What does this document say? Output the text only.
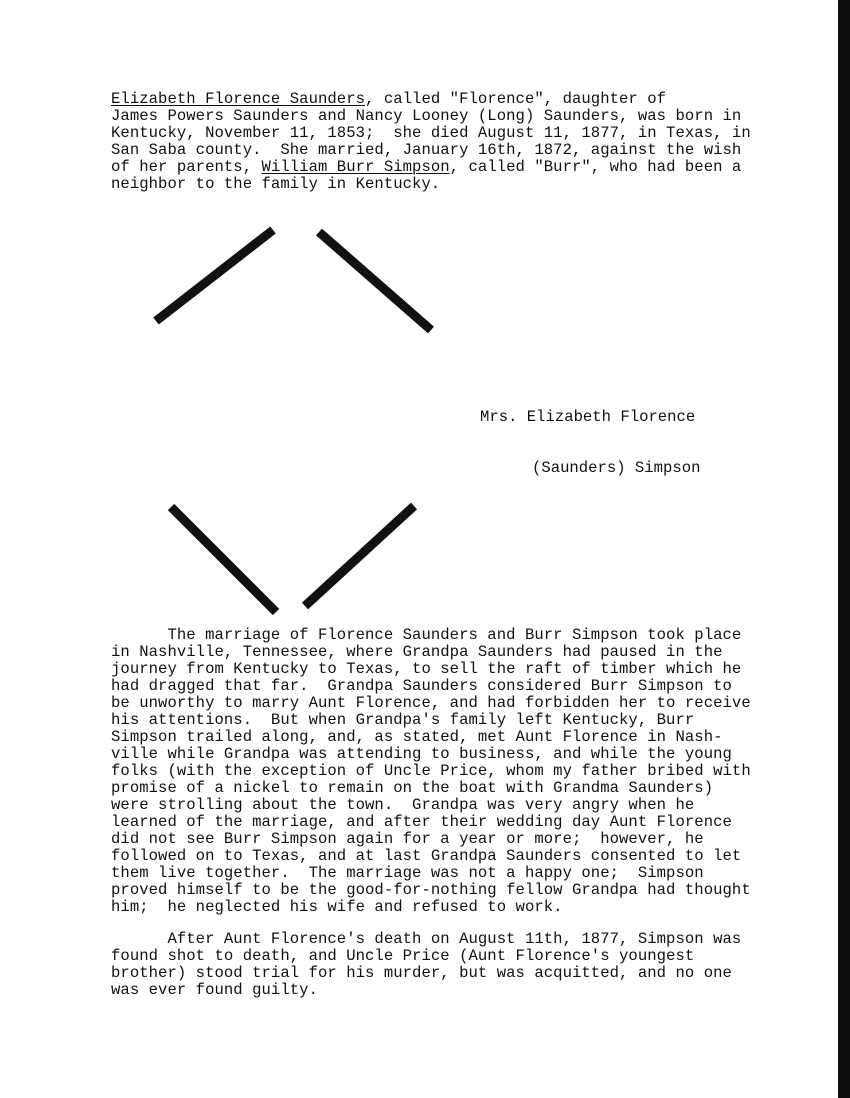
Elizabeth Florence Saunders, called "Florence", daughter of
James Powers Saunders and Nancy Looney (Long) Saunders, was born in
Kentucky, November 11, 1853;  she died August 11, 1877, in Texas, in
San Saba county.  She married, January 16th, 1872, against the wish
of her parents, William Burr Simpson, called "Burr", who had been a
neighbor to the family in Kentucky.

Mrs. Elizabeth Florence

(Saunders) Simpson

The marriage of Florence Saunders and Burr Simpson took place
in Nashville, Tennessee, where Grandpa Saunders had paused in the
journey from Kentucky to Texas, to sell the raft of timber which he
had dragged that far.  Grandpa Saunders considered Burr Simpson to
be unworthy to marry Aunt Florence, and had forbidden her to receive
his attentions.  But when Grandpa's family left Kentucky, Burr
Simpson trailed along, and, as stated, met Aunt Florence in Nash-
ville while Grandpa was attending to business, and while the young
folks (with the exception of Uncle Price, whom my father bribed with
promise of a nickel to remain on the boat with Grandma Saunders)
were strolling about the town.  Grandpa was very angry when he
learned of the marriage, and after their wedding day Aunt Florence
did not see Burr Simpson again for a year or more;  however, he
followed on to Texas, and at last Grandpa Saunders consented to let
them live together.  The marriage was not a happy one;  Simpson
proved himself to be the good-for-nothing fellow Grandpa had thought
him;  he neglected his wife and refused to work.
After Aunt Florence's death on August 11th, 1877, Simpson was
found shot to death, and Uncle Price (Aunt Florence's youngest
brother) stood trial for his murder, but was acquitted, and no one
was ever found guilty.
